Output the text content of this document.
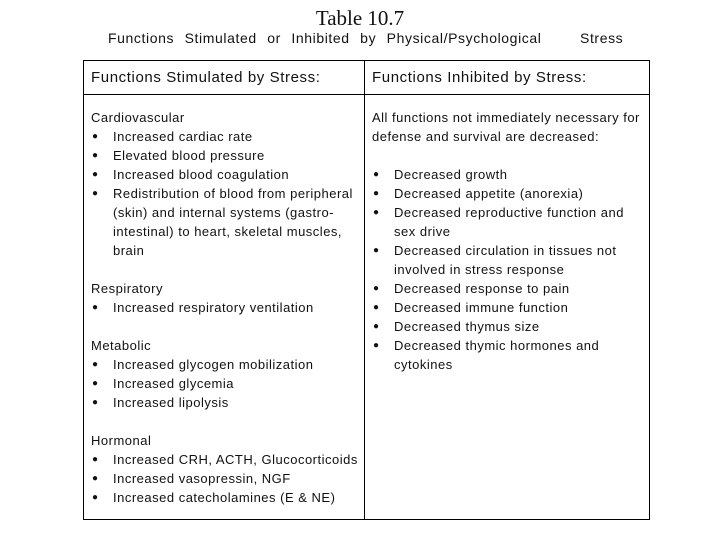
Table 10.7
Functions Stimulated or Inhibited by Physical/Psychological	Stress
Functions Stimulated by Stress:	Functions Inhibited by Stress:
Cardiovascular
● Increased cardiac rate
● Elevated blood pressure
● Increased blood coagulation
● Redistribution of blood from peripheral (skin) and internal systems (gastro-intestinal) to heart, skeletal muscles, brain
Respiratory
● Increased respiratory ventilation
Metabolic
● Increased glycogen mobilization
● Increased glycemia
● Increased lipolysis
Hormonal
● Increased CRH, ACTH, Glucocorticoids
● Increased vasopressin, NGF
● Increased catecholamines (E & NE)
All functions not immediately necessary for defense and survival are decreased:
● Decreased growth
● Decreased appetite (anorexia)
● Decreased reproductive function and sex drive
● Decreased circulation in tissues not involved in stress response
● Decreased response to pain
● Decreased immune function
● Decreased thymus size
● Decreased thymic hormones and cytokines
